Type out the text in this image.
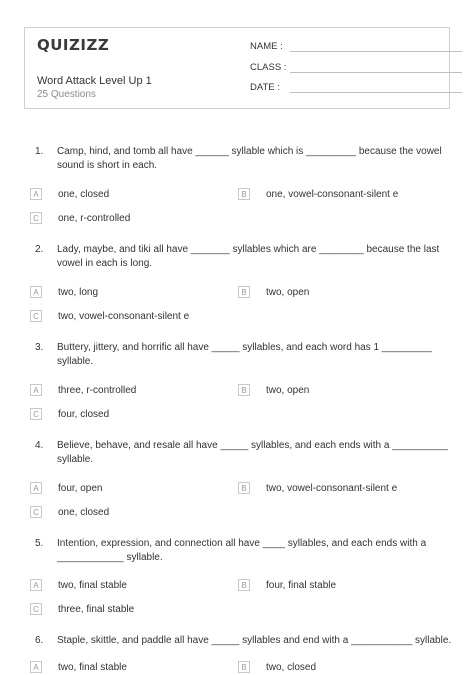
QUIZIZZ
Word Attack Level Up 1
25 Questions
NAME :
CLASS :
DATE :
1. Camp, hind, and tomb all have ______ syllable which is _________ because the vowel sound is short in each.
A	one, closed	B	one, vowel-consonant-silent e
C	one, r-controlled
2. Lady, maybe, and tiki all have _______ syllables which are ________ because the last vowel in each is long.
A	two, long	B	two, open
C	two, vowel-consonant-silent e
3. Buttery, jittery, and horrific all have _____ syllables, and each word has 1 _________ syllable.
A	three, r-controlled	B	two, open
C	four, closed
4. Believe, behave, and resale all have _____ syllables, and each ends with a __________ syllable.
A	four, open	B	two, vowel-consonant-silent e
C	one, closed
5. Intention, expression, and connection all have ____ syllables, and each ends with a ____________ syllable.
A	two, final stable	B	four, final stable
C	three, final stable
6. Staple, skittle, and paddle all have _____ syllables and end with a ___________ syllable.
A	two, final stable	B	two, closed
